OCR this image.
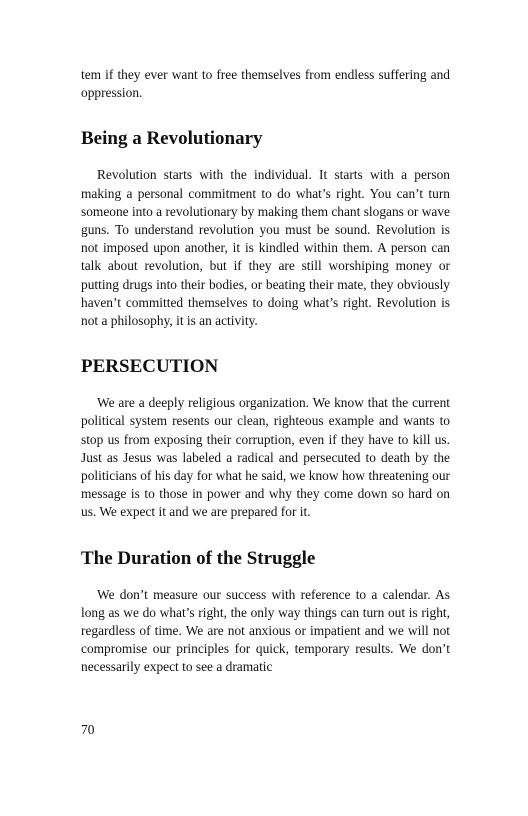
tem if they ever want to free themselves from endless suffering and oppression.

Being a Revolutionary

Revolution starts with the individual. It starts with a person making a personal commitment to do what’s right. You can’t turn someone into a revolutionary by making them chant slogans or wave guns. To understand revolution you must be sound. Revolution is not imposed upon another, it is kindled within them. A person can talk about revolution, but if they are still worshiping money or putting drugs into their bodies, or beating their mate, they obviously haven’t committed themselves to doing what’s right. Revolution is not a philosophy, it is an activity.

PERSECUTION

We are a deeply religious organization. We know that the current political system resents our clean, righteous example and wants to stop us from exposing their corruption, even if they have to kill us. Just as Jesus was labeled a radical and persecuted to death by the politicians of his day for what he said, we know how threatening our message is to those in power and why they come down so hard on us. We expect it and we are prepared for it.

The Duration of the Struggle

We don’t measure our success with reference to a calendar. As long as we do what’s right, the only way things can turn out is right, regardless of time. We are not anxious or impatient and we will not compromise our principles for quick, temporary results. We don’t necessarily expect to see a dramatic

70
